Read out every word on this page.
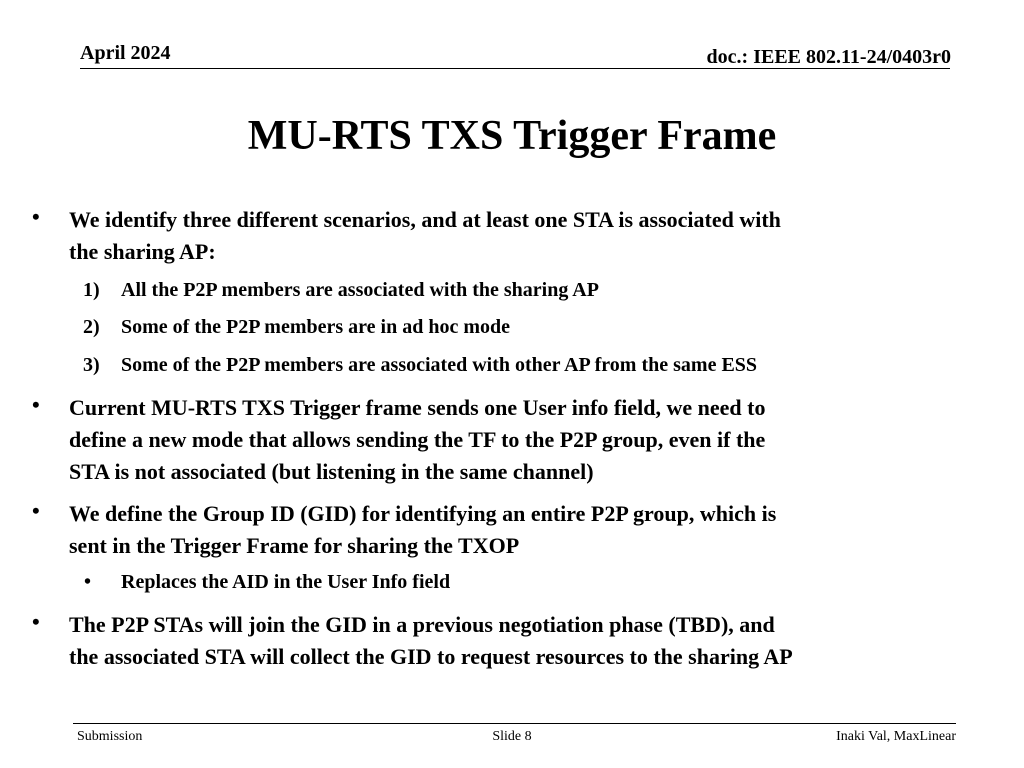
April 2024	doc.: IEEE 802.11-24/0403r0
MU-RTS TXS Trigger Frame
• We identify three different scenarios, and at least one STA is associated with
the sharing AP:
1) All the P2P members are associated with the sharing AP
2) Some of the P2P members are in ad hoc mode
3) Some of the P2P members are associated with other AP from the same ESS
• Current MU-RTS TXS Trigger frame sends one User info field, we need to
define a new mode that allows sending the TF to the P2P group, even if the
STA is not associated (but listening in the same channel)
• We define the Group ID (GID) for identifying an entire P2P group, which is
sent in the Trigger Frame for sharing the TXOP
• Replaces the AID in the User Info field
• The P2P STAs will join the GID in a previous negotiation phase (TBD), and
the associated STA will collect the GID to request resources to the sharing AP
Submission	Slide 8	Inaki Val, MaxLinear
